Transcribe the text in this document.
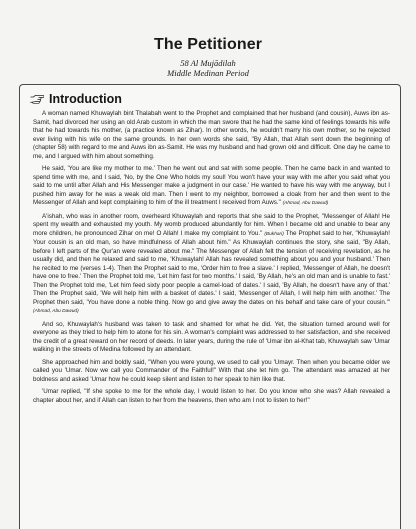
The Petitioner
58 Al Mujādilah
Middle Medinan Period
Introduction

A woman named Khuwaylah bint Thalabah went to the Prophet and complained that her husband (and cousin), Auws ibn as-Samit, had divorced her using an old Arab custom in which the man swore that he had the same kind of feelings towards his wife that he had towards his mother, (a practice known as Zihar). In other words, he wouldn't marry his own mother, so he rejected ever living with his wife on the same grounds. In her own words she said, "By Allah, that Allah sent down the beginning of (chapter 58) with regard to me and Auws ibn as-Samit. He was my husband and had grown old and difficult. One day he came to me, and I argued with him about something.

He said, 'You are like my mother to me.' Then he went out and sat with some people. Then he came back in and wanted to spend time with me, and I said, 'No, by the One Who holds my soul! You won't have your way with me after you said what you said to me until after Allah and His Messenger make a judgment in our case.' He wanted to have his way with me anyway, but I pushed him away for he was a weak old man. Then I went to my neighbor, borrowed a cloak from her and then went to the Messenger of Allah and kept complaining to him of the ill treatment I received from Auws." (Ahmad, Abu Dawud)

A'ishah, who was in another room, overheard Khuwaylah and reports that she said to the Prophet, "Messenger of Allah! He spent my wealth and exhausted my youth. My womb produced abundantly for him. When I became old and unable to bear any more children, he pronounced Zihar on me! O Allah! I make my complaint to You." (Bukhari) The Prophet said to her, "Khuwaylah! Your cousin is an old man, so have mindfulness of Allah about him." As Khuwaylah continues the story, she said, "By Allah, before I left parts of the Qur'an were revealed about me." The Messenger of Allah felt the tension of receiving revelation, as he usually did, and then he relaxed and said to me, 'Khuwaylah! Allah has revealed something about you and your husband.' Then he recited to me (verses 1-4). Then the Prophet said to me, 'Order him to free a slave.' I replied, 'Messenger of Allah, he doesn't have one to free.' Then the Prophet told me, 'Let him fast for two months.' I said, 'By Allah, he's an old man and is unable to fast.' Then the Prophet told me, 'Let him feed sixty poor people a camel-load of dates.' I said, 'By Allah, he doesn't have any of that.' Then the Prophet said, 'We will help him with a basket of dates.' I said, 'Messenger of Allah, I will help him with another.' The Prophet then said, 'You have done a noble thing. Now go and give away the dates on his behalf and take care of your cousin.'" (Ahmad, Abu Dawud)

And so, Khuwaylah's husband was taken to task and shamed for what he did. Yet, the situation turned around well for everyone as they tried to help him to atone for his sin. A woman's complaint was addressed to her satisfaction, and she received the credit of a great reward on her record of deeds. In later years, during the rule of 'Umar ibn al-Khat tab, Khuwaylah saw 'Umar walking in the streets of Medina followed by an attendant.

She approached him and boldly said, "When you were young, we used to call you 'Umayr. Then when you became older we called you 'Umar. Now we call you Commander of the Faithful!" With that she let him go. The attendant was amazed at her boldness and asked 'Umar how he could keep silent and listen to her speak to him like that.

'Umar replied, "If she spoke to me for the whole day, I would listen to her. Do you know who she was? Allah revealed a chapter about her, and if Allah can listen to her from the heavens, then who am I not to listen to her!"
